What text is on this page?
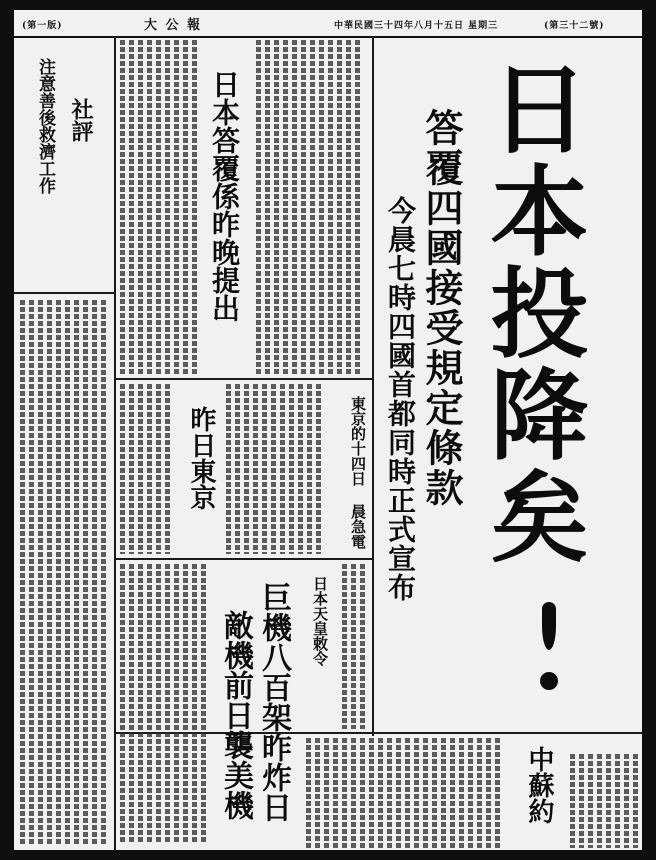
(第一版)	大 公 報	中華民國三十四年八月十五日 星期三	(第三十二號)
社評
注意善後救濟工作	日本投降矣
答覆四國接受規定條款
今晨七時四國首都同時正式宣布
日本答覆係昨晚提出
昨日東京	東京的十四日 晨急電
巨機八百架昨炸日
敵機前日襲美機	日本天皇敕令
中蘇約
